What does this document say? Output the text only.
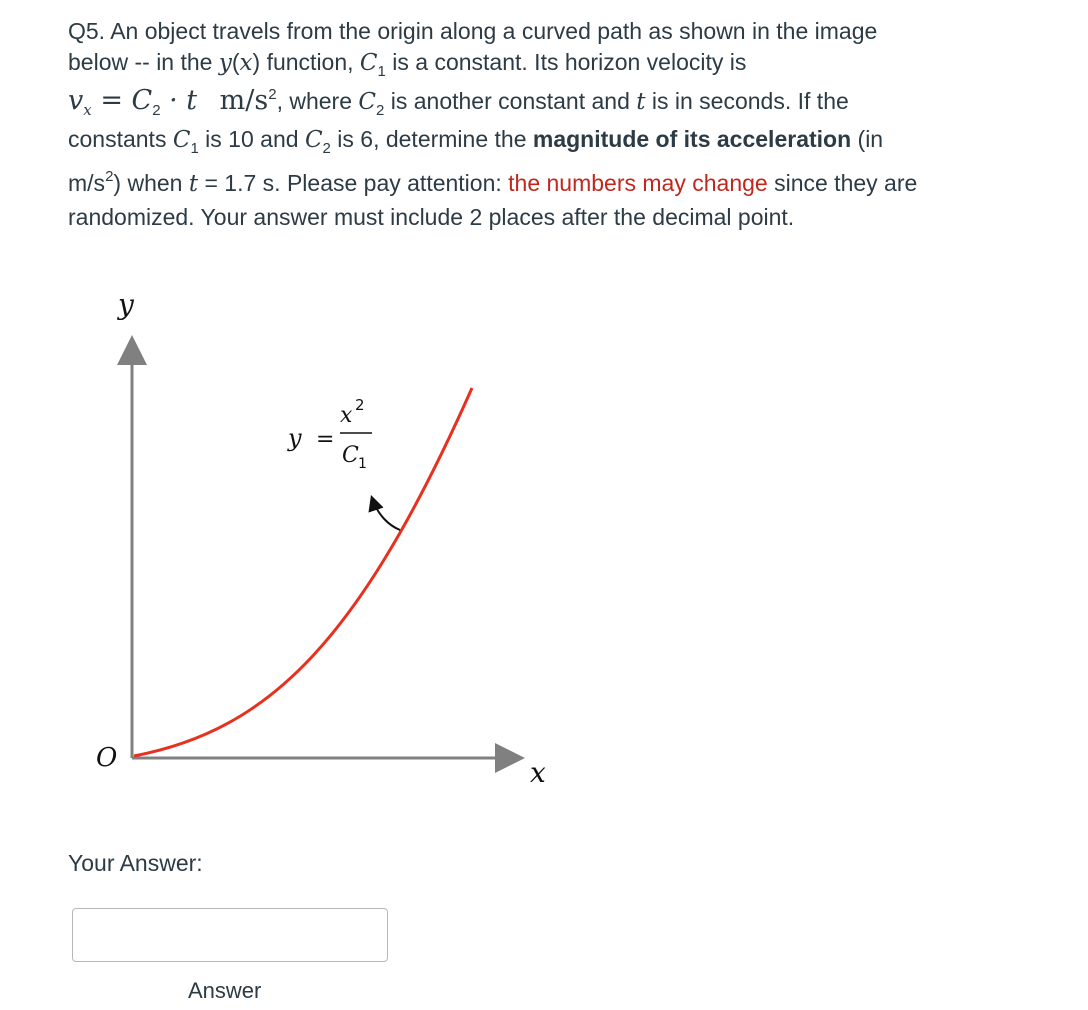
Q5. An object travels from the origin along a curved path as shown in the image

below -- in the y(x) function, $C_1$ is a constant. Its horizon velocity is

$v_x = C_2 \cdot t$ $m/s^2$, where $C_2$ is another constant and t is in seconds. If the

constants $C_1$ is 10 and $C_2$ is 6, determine the magnitude of its acceleration (in

$m/s^2$) when t = 1.7 s. Please pay attention: the numbers may change since they are

randomized. Your answer must include 2 places after the decimal point.

y
x
O
y =
x 2
C 1
Your Answer:
Answer
